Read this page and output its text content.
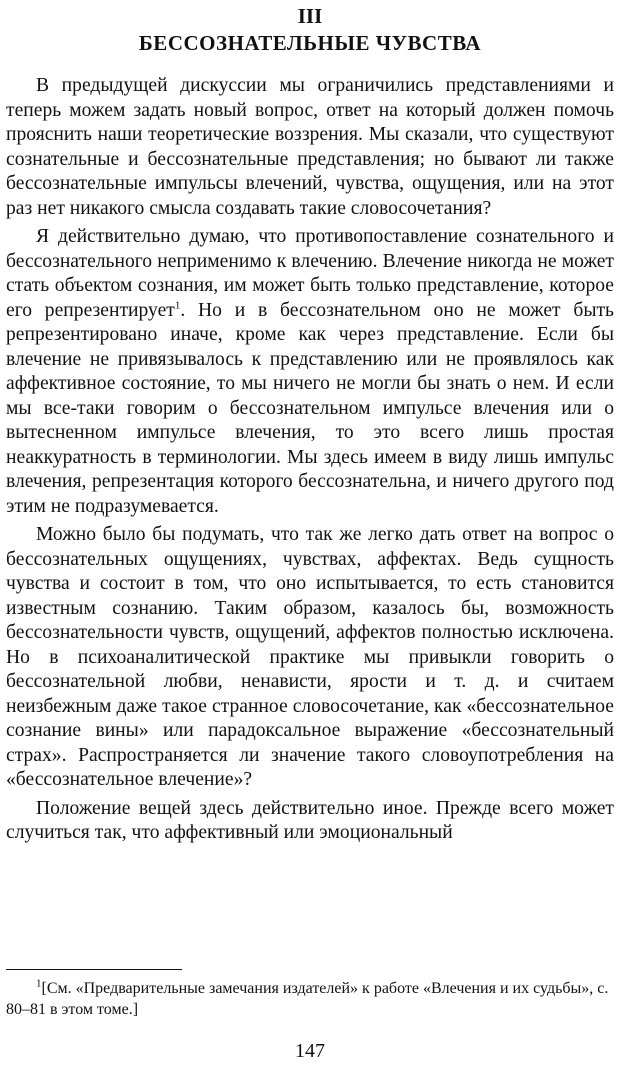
III
БЕССОЗНАТЕЛЬНЫЕ ЧУВСТВА

В предыдущей дискуссии мы ограничились представлениями и теперь можем задать новый вопрос, ответ на который должен помочь прояснить наши теоретические воззрения. Мы сказали, что существуют сознательные и бессознательные представления; но бывают ли также бессознательные импульсы влечений, чувства, ощущения, или на этот раз нет никакого смысла создавать такие словосочетания?

Я действительно думаю, что противопоставление сознательного и бессознательного неприменимо к влечению. Влечение никогда не может стать объектом сознания, им может быть только представление, которое его репрезентирует$^1$. Но и в бессознательном оно не может быть репрезентировано иначе, кроме как через представление. Если бы влечение не привязывалось к представлению или не проявлялось как аффективное состояние, то мы ничего не могли бы знать о нем. И если мы все-таки говорим о бессознательном импульсе влечения или о вытесненном импульсе влечения, то это всего лишь простая неаккуратность в терминологии. Мы здесь имеем в виду лишь импульс влечения, репрезентация которого бессознательна, и ничего другого под этим не подразумевается.

Можно было бы подумать, что так же легко дать ответ на вопрос о бессознательных ощущениях, чувствах, аффектах. Ведь сущность чувства и состоит в том, что оно испытывается, то есть становится известным сознанию. Таким образом, казалось бы, возможность бессознательности чувств, ощущений, аффектов полностью исключена. Но в психоаналитической практике мы привыкли говорить о бессознательной любви, ненависти, ярости и т. д. и считаем неизбежным даже такое странное словосочетание, как «бессознательное сознание вины» или парадоксальное выражение «бессознательный страх». Распространяется ли значение такого словоупотребления на «бессознательное влечение»?

Положение вещей здесь действительно иное. Прежде всего может случиться так, что аффективный или эмоциональный

$^1$[См. «Предварительные замечания издателей» к работе «Влечения и их судьбы», с. 80–81 в этом томе.]

147
